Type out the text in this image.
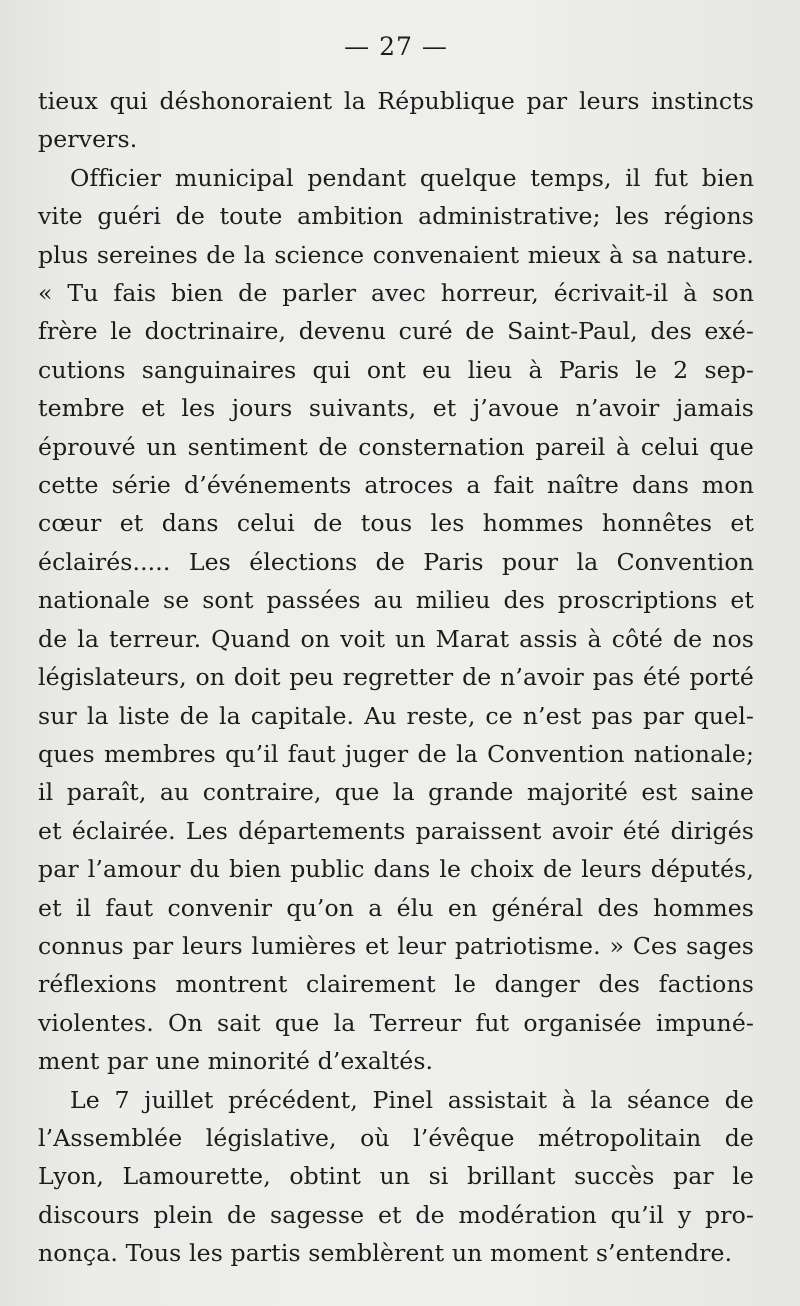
— 27 —
tieux qui déshonoraient la République par leurs instincts
pervers.
Officier municipal pendant quelque temps, il fut bien
vite guéri de toute ambition administrative; les régions
plus sereines de la science convenaient mieux à sa nature.
« Tu fais bien de parler avec horreur, écrivait-il à son
frère le doctrinaire, devenu curé de Saint-Paul, des exé-
cutions sanguinaires qui ont eu lieu à Paris le 2 sep-
tembre et les jours suivants, et j’avoue n’avoir jamais
éprouvé un sentiment de consternation pareil à celui que
cette série d’événements atroces a fait naître dans mon
cœur et dans celui de tous les hommes honnêtes et
éclairés..... Les élections de Paris pour la Convention
nationale se sont passées au milieu des proscriptions et
de la terreur. Quand on voit un Marat assis à côté de nos
législateurs, on doit peu regretter de n’avoir pas été porté
sur la liste de la capitale. Au reste, ce n’est pas par quel-
ques membres qu’il faut juger de la Convention nationale;
il paraît, au contraire, que la grande majorité est saine
et éclairée. Les départements paraissent avoir été dirigés
par l’amour du bien public dans le choix de leurs députés,
et il faut convenir qu’on a élu en général des hommes
connus par leurs lumières et leur patriotisme. » Ces sages
réflexions montrent clairement le danger des factions
violentes. On sait que la Terreur fut organisée impuné-
ment par une minorité d’exaltés.
Le 7 juillet précédent, Pinel assistait à la séance de
l’Assemblée législative, où l’évêque métropolitain de
Lyon, Lamourette, obtint un si brillant succès par le
discours plein de sagesse et de modération qu’il y pro-
nonça. Tous les partis semblèrent un moment s’entendre.
